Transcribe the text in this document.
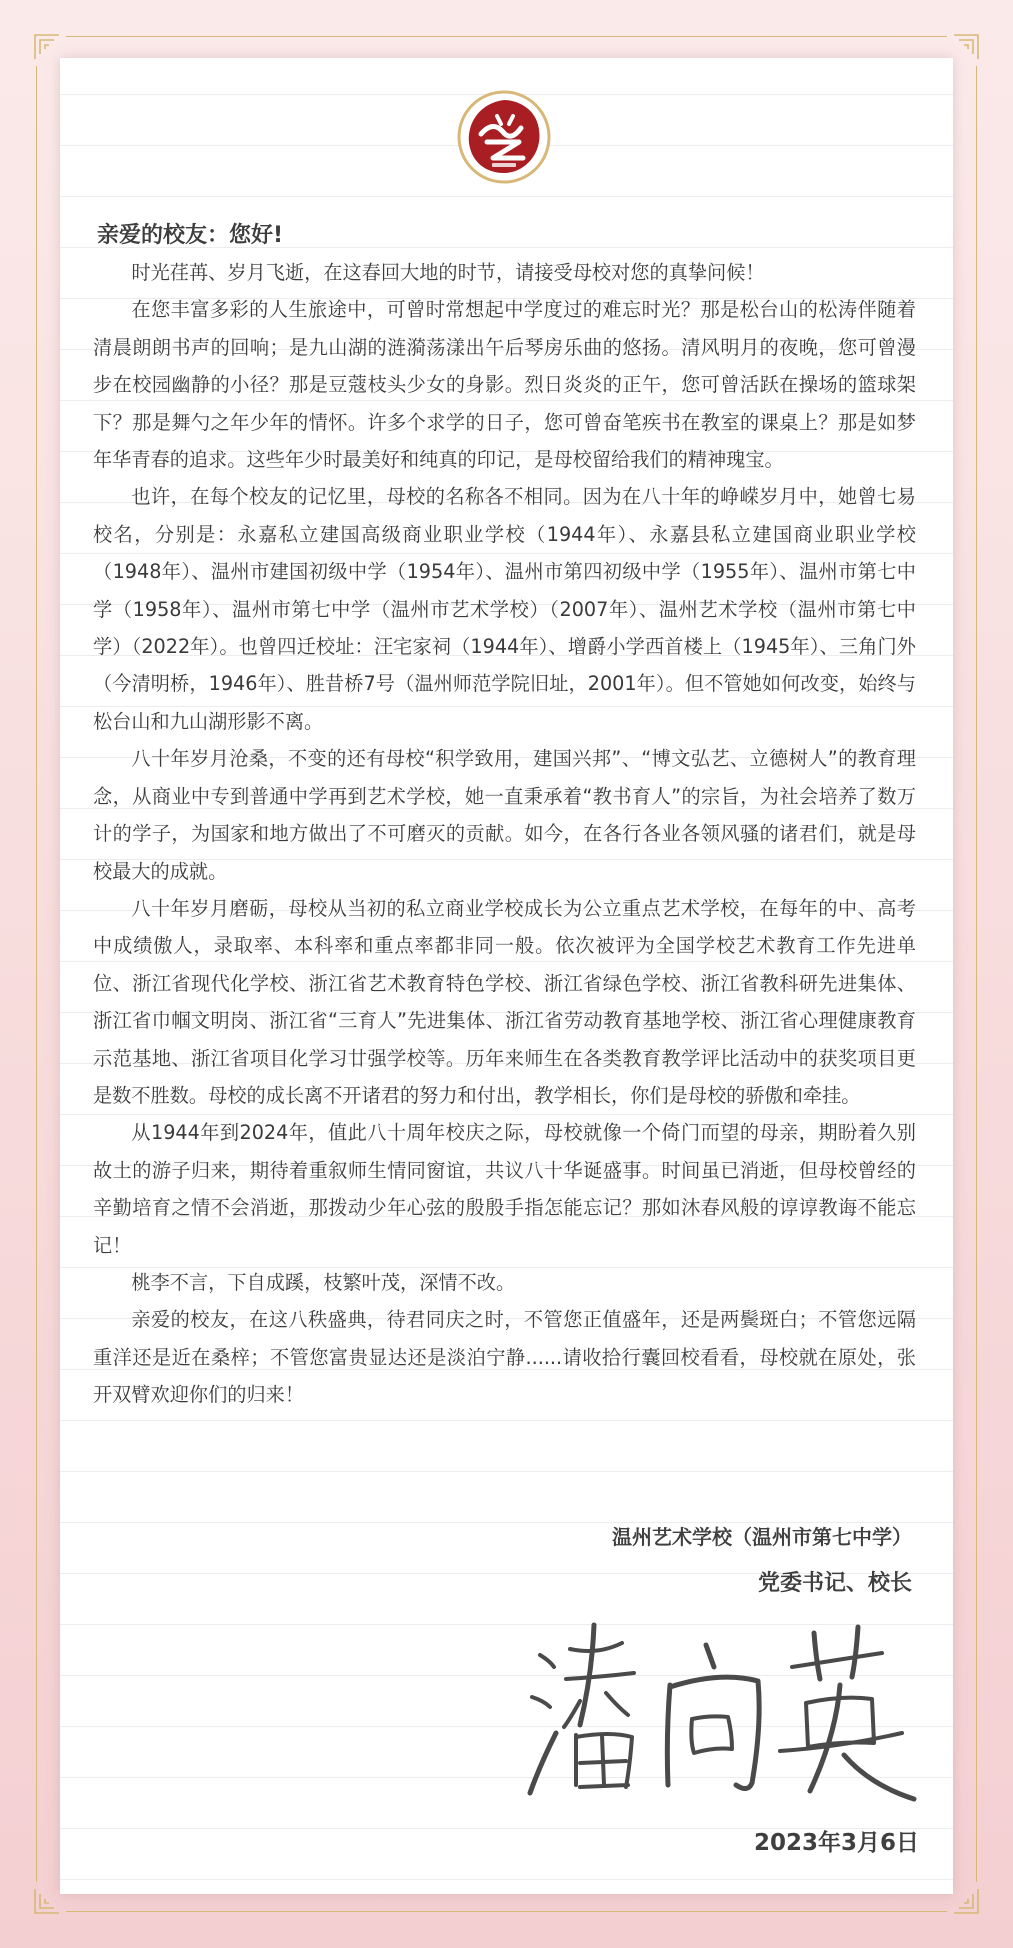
亲爱的校友：您好!

时光荏苒、岁月飞逝，在这春回大地的时节，请接受母校对您的真挚问候！

在您丰富多彩的人生旅途中，可曾时常想起中学度过的难忘时光？那是松台山的松涛伴随着清晨朗朗书声的回响；是九山湖的涟漪荡漾出午后琴房乐曲的悠扬。清风明月的夜晚，您可曾漫步在校园幽静的小径？那是豆蔻枝头少女的身影。烈日炎炎的正午，您可曾活跃在操场的篮球架下？那是舞勺之年少年的情怀。许多个求学的日子，您可曾奋笔疾书在教室的课桌上？那是如梦年华青春的追求。这些年少时最美好和纯真的印记，是母校留给我们的精神瑰宝。

也许，在每个校友的记忆里，母校的名称各不相同。因为在八十年的峥嵘岁月中，她曾七易校名，分别是：永嘉私立建国高级商业职业学校（1944年）、永嘉县私立建国商业职业学校（1948年）、温州市建国初级中学（1954年）、温州市第四初级中学（1955年）、温州市第七中学（1958年）、温州市第七中学（温州市艺术学校）（2007年）、温州艺术学校（温州市第七中学）（2022年）。也曾四迁校址：汪宅家祠（1944年）、增爵小学西首楼上（1945年）、三角门外（今清明桥，1946年）、胜昔桥7号（温州师范学院旧址，2001年）。但不管她如何改变，始终与松台山和九山湖形影不离。

八十年岁月沧桑，不变的还有母校“积学致用，建国兴邦”、“博文弘艺、立德树人”的教育理念，从商业中专到普通中学再到艺术学校，她一直秉承着“教书育人”的宗旨，为社会培养了数万计的学子，为国家和地方做出了不可磨灭的贡献。如今，在各行各业各领风骚的诸君们，就是母校最大的成就。

八十年岁月磨砺，母校从当初的私立商业学校成长为公立重点艺术学校，在每年的中、高考中成绩傲人，录取率、本科率和重点率都非同一般。依次被评为全国学校艺术教育工作先进单位、浙江省现代化学校、浙江省艺术教育特色学校、浙江省绿色学校、浙江省教科研先进集体、浙江省巾帼文明岗、浙江省“三育人”先进集体、浙江省劳动教育基地学校、浙江省心理健康教育示范基地、浙江省项目化学习廿强学校等。历年来师生在各类教育教学评比活动中的获奖项目更是数不胜数。母校的成长离不开诸君的努力和付出，教学相长，你们是母校的骄傲和牵挂。

从1944年到2024年，值此八十周年校庆之际，母校就像一个倚门而望的母亲，期盼着久别故土的游子归来，期待着重叙师生情同窗谊，共议八十华诞盛事。时间虽已消逝，但母校曾经的辛勤培育之情不会消逝，那拨动少年心弦的殷殷手指怎能忘记？那如沐春风般的谆谆教诲不能忘记！

桃李不言，下自成蹊，枝繁叶茂，深情不改。

亲爱的校友，在这八秩盛典，待君同庆之时，不管您正值盛年，还是两鬓斑白；不管您远隔重洋还是近在桑梓；不管您富贵显达还是淡泊宁静......请收拾行囊回校看看，母校就在原处，张开双臂欢迎你们的归来！

温州艺术学校（温州市第七中学）
党委书记、校长
2023年3月6日
